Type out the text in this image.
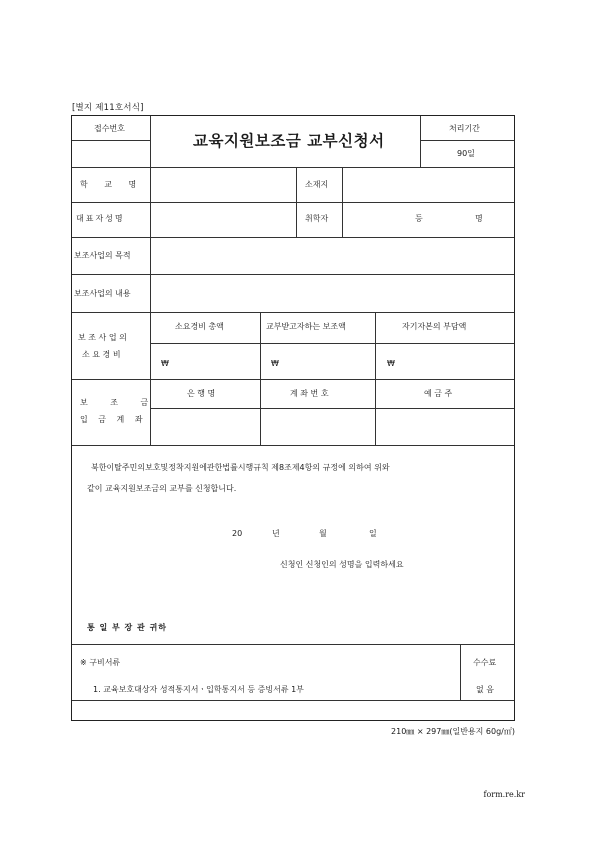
[별지 제11호서식]
접수번호
교육지원보조금 교부신청서
처리기간
90일
학 교 명	소재지
대표자성명	취학자	등	명
보조사업의 목적
보조사업의 내용
보 조 사 업 의
소 요 경 비
소요경비 총액	교부받고자하는 보조액	자기자본의 부담액
₩	₩	₩
보 조 금
입 금 계 좌
은 행 명	계 좌 번 호	예 금 주
북한이탈주민의보호및정착지원에관한법률시행규칙 제8조제4항의 규정에 의하여 위와
같이 교육지원보조금의 교부를 신청합니다.
20	년	월	일
신청인 신청인의 성명을 입력하세요
통 일 부 장 관 귀하
※ 구비서류
1. 교육보호대상자 성적통지서ㆍ입학통지서 등 증빙서류 1부
수수료
없 음
210㎜ × 297㎜(일반용지 60g/㎡)
form.re.kr
